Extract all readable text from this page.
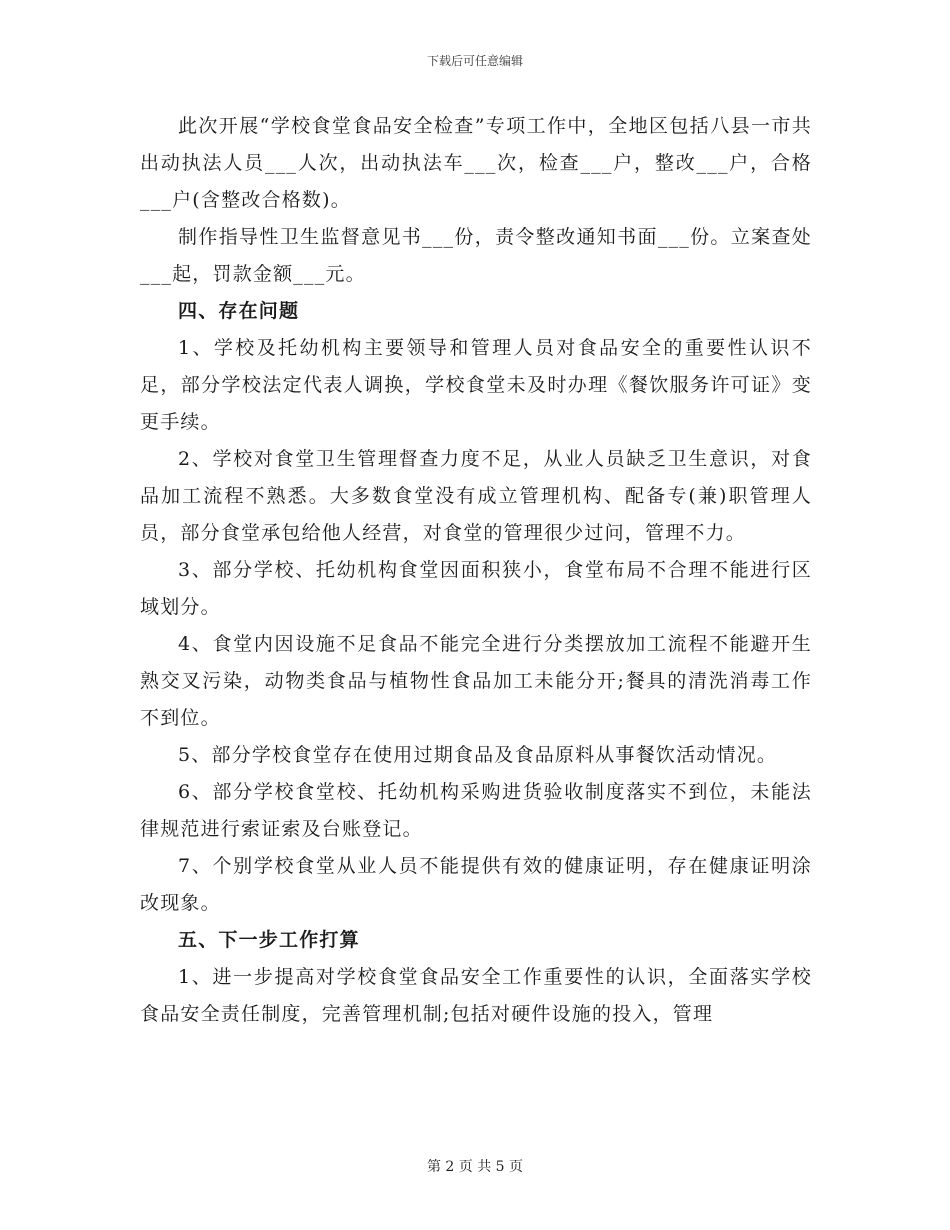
下载后可任意编辑

此次开展“学校食堂食品安全检查”专项工作中，全地区包括八县一市共出动执法人员___人次，出动执法车___次，检查___户，整改___户，合格___户(含整改合格数)。

制作指导性卫生监督意见书___份，责令整改通知书面___份。立案查处___起，罚款金额___元。

四、存在问题

1、学校及托幼机构主要领导和管理人员对食品安全的重要性认识不足，部分学校法定代表人调换，学校食堂未及时办理《餐饮服务许可证》变更手续。

2、学校对食堂卫生管理督查力度不足，从业人员缺乏卫生意识，对食品加工流程不熟悉。大多数食堂没有成立管理机构、配备专(兼)职管理人员，部分食堂承包给他人经营，对食堂的管理很少过问，管理不力。

3、部分学校、托幼机构食堂因面积狭小，食堂布局不合理不能进行区域划分。

4、食堂内因设施不足食品不能完全进行分类摆放加工流程不能避开生熟交叉污染，动物类食品与植物性食品加工未能分开;餐具的清洗消毒工作不到位。

5、部分学校食堂存在使用过期食品及食品原料从事餐饮活动情况。

6、部分学校食堂校、托幼机构采购进货验收制度落实不到位，未能法律规范进行索证索及台账登记。

7、个别学校食堂从业人员不能提供有效的健康证明，存在健康证明涂改现象。

五、下一步工作打算

1、进一步提高对学校食堂食品安全工作重要性的认识，全面落实学校食品安全责任制度，完善管理机制;包括对硬件设施的投入，管理

第 2 页 共 5 页
